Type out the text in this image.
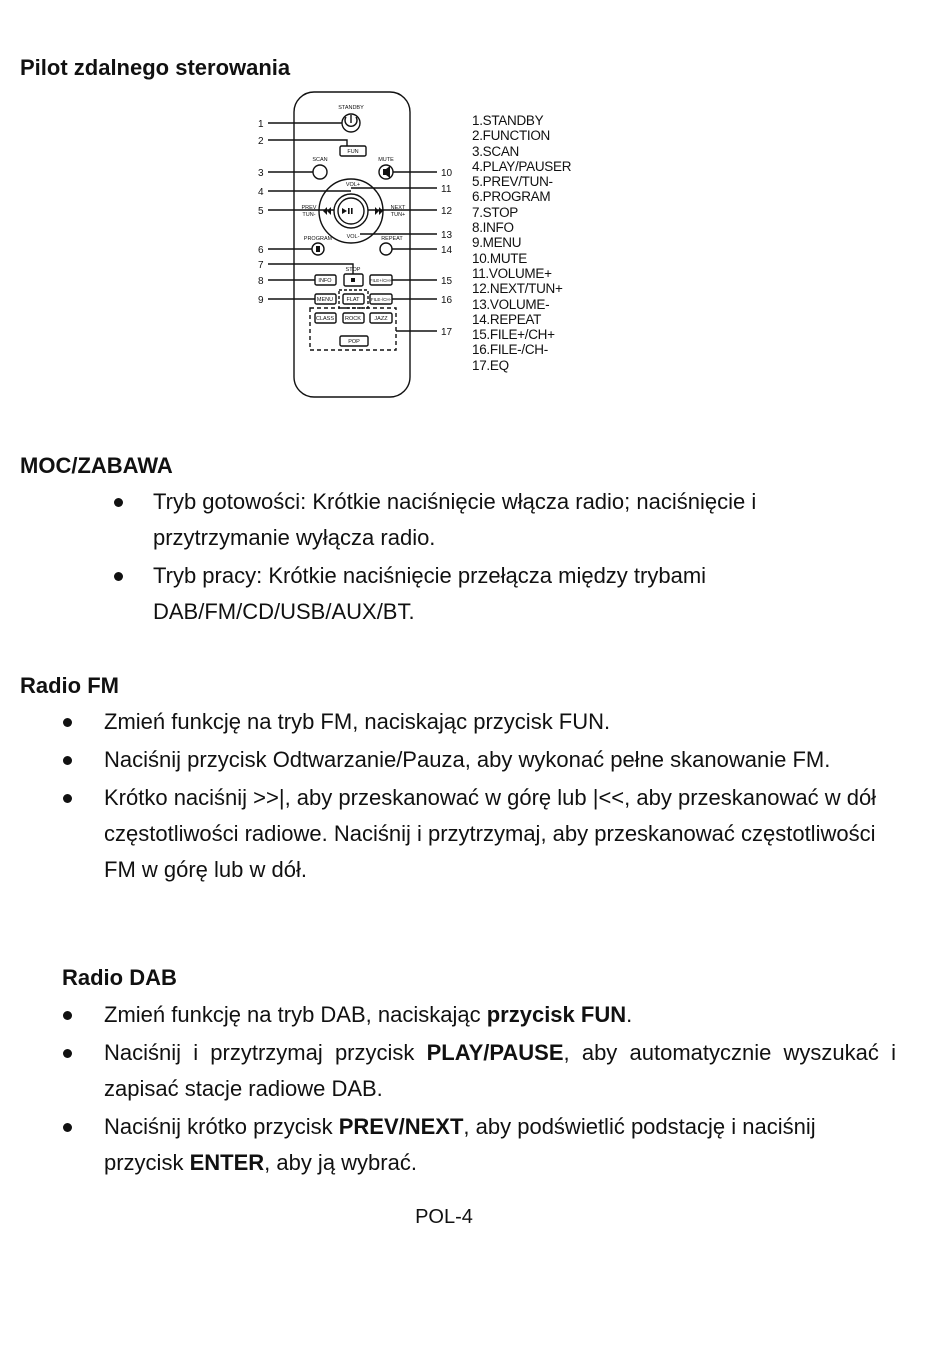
Pilot zdalnego sterowania
STANDBY
FUN
SCAN	MUTE
VOL+
VOL-
PREV
TUN-
NEXT
TUN+
PROGRAM	REPEAT
STOP
INFO	FILE+/CH+
MENU FLAT	FILE-/CH-
CLASS ROCK JAZZ
POP
1
2
3
4
5
6
7
8
9
10
11
12
13
14
15
16
17
1.STANDBY
2.FUNCTION
3.SCAN
4.PLAY/PAUSER
5.PREV/TUN-
6.PROGRAM
7.STOP
8.INFO
9.MENU
10.MUTE
11.VOLUME+
12.NEXT/TUN+
13.VOLUME-
14.REPEAT
15.FILE+/CH+
16.FILE-/CH-
17.EQ
MOC/ZABAWA
Tryb gotowości: Krótkie naciśnięcie włącza radio; naciśnięcie i przytrzymanie wyłącza radio.
Tryb pracy: Krótkie naciśnięcie przełącza między trybami DAB/FM/CD/USB/AUX/BT.
Radio FM
Zmień funkcję na tryb FM, naciskając przycisk FUN.
Naciśnij przycisk Odtwarzanie/Pauza, aby wykonać pełne skanowanie FM.
Krótko naciśnij >>|, aby przeskanować w górę lub |<<, aby przeskanować w dół częstotliwości radiowe. Naciśnij i przytrzymaj, aby przeskanować częstotliwości FM w górę lub w dół.
Radio DAB
Zmień funkcję na tryb DAB, naciskając przycisk FUN.
Naciśnij i przytrzymaj przycisk PLAY/PAUSE, aby automatycznie wyszukać i zapisać stacje radiowe DAB.
Naciśnij krótko przycisk PREV/NEXT, aby podświetlić podstację i naciśnij przycisk ENTER, aby ją wybrać.
POL-4
